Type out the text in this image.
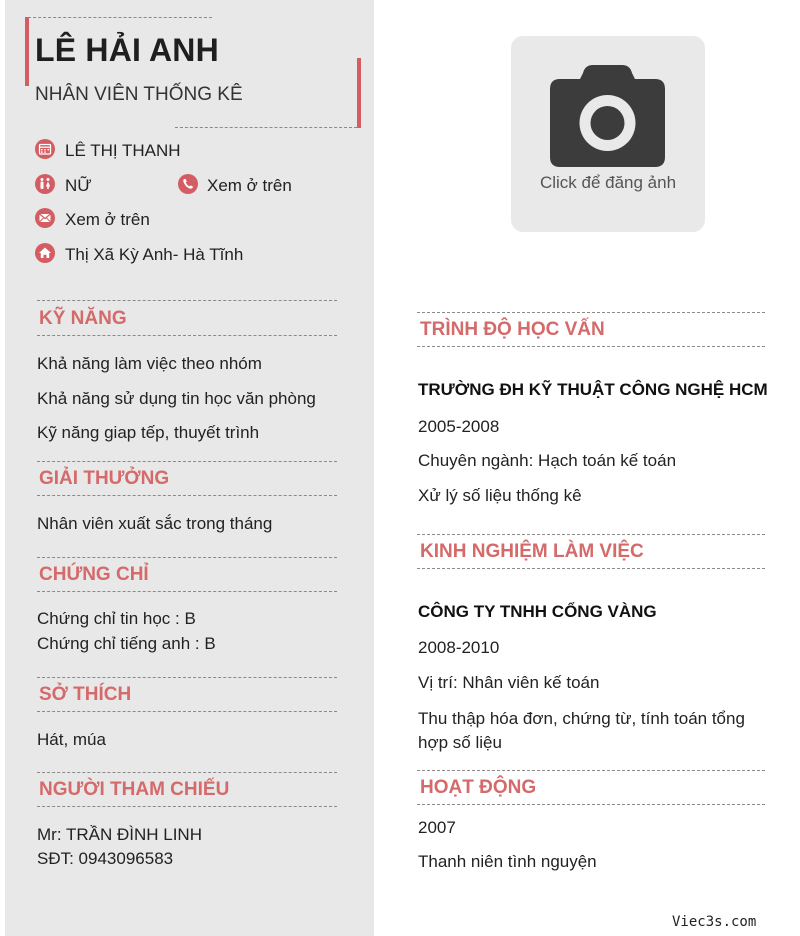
LÊ HẢI ANH
NHÂN VIÊN THỐNG KÊ
LÊ THỊ THANH
NỮ	Xem ở trên
Xem ở trên
Thị Xã Kỳ Anh- Hà Tĩnh
KỸ NĂNG
Khả năng làm việc theo nhóm
Khả năng sử dụng tin học văn phòng
Kỹ năng giap tếp, thuyết trình
GIẢI THƯỞNG
Nhân viên xuất sắc trong tháng
CHỨNG CHỈ
Chứng chỉ tin học : B
Chứng chỉ tiếng anh : B
SỞ THÍCH
Hát, múa
NGƯỜI THAM CHIẾU
Mr: TRẦN ĐÌNH LINH
SĐT: 0943096583
Click để đăng ảnh
TRÌNH ĐỘ HỌC VẤN
TRƯỜNG ĐH KỸ THUẬT CÔNG NGHỆ HCM
2005-2008
Chuyên ngành: Hạch toán kế toán
Xử lý số liệu thống kê
KINH NGHIỆM LÀM VIỆC
CÔNG TY TNHH CỔNG VÀNG
2008-2010
Vị trí: Nhân viên kế toán
Thu thập hóa đơn, chứng từ, tính toán tổng hợp số liệu
HOẠT ĐỘNG
2007
Thanh niên tình nguyện
Viec3s.com
